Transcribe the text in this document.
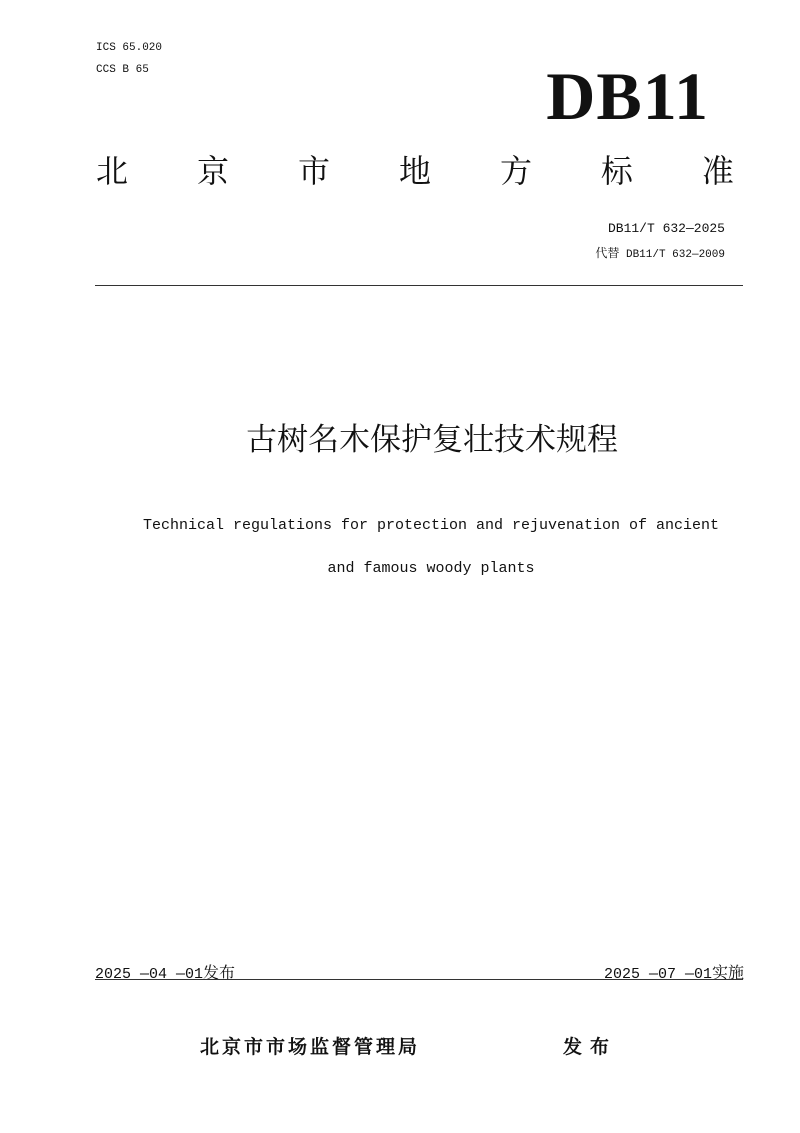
ICS 65.020
CCS B 65	DB11
北 京 市 地 方 标 准
DB11/T 632—2025
代替 DB11/T 632—2009
古树名木保护复壮技术规程
Technical regulations for protection and rejuvenation of ancient
and famous woody plants
2025 —04 —01发布	2025 —07 —01实施
北京市市场监督管理局	发布
